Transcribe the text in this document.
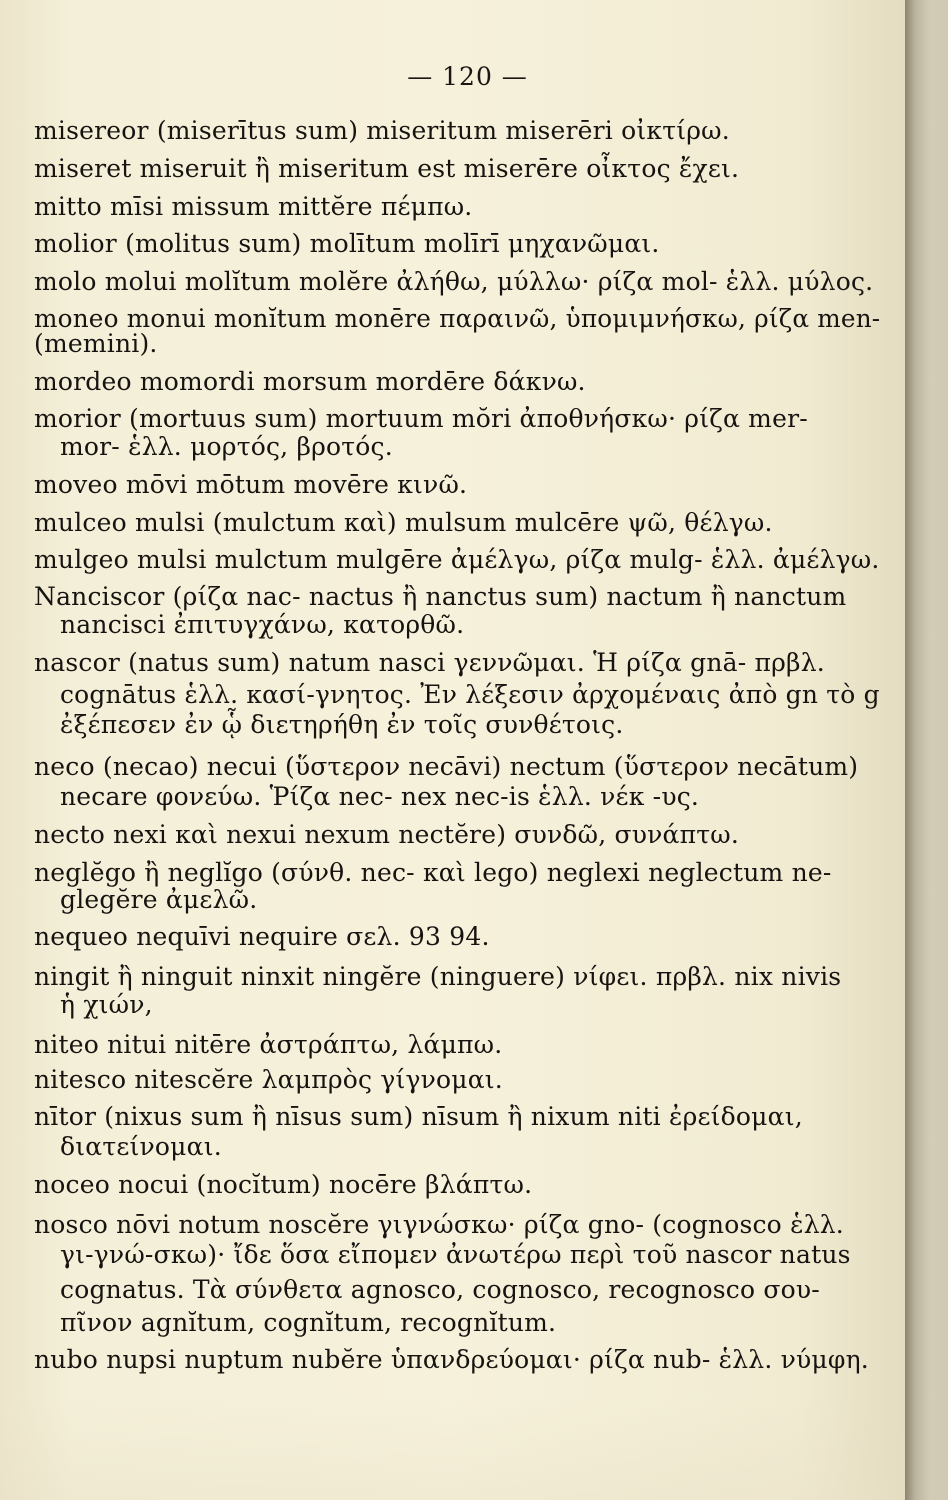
— 120 —
misereor (miserītus sum) miseritum miserēri οἰκτίρω.
miseret miseruit ἢ miseritum est miserēre οἶκτος ἔχει.
mitto mīsi missum mittĕre πέμπω.
molior (molitus sum) molītum molīrī μηχανῶμαι.
molo molui molĭtum molĕre ἀλήθω, μύλλω· ρίζα mol- ἑλλ. μύλος.
moneo monui monĭtum monēre παραινῶ, ὑπομιμνήσκω, ρίζα men-
(memini).
mordeo momordi morsum mordēre δάκνω.
morior (mortuus sum) mortuum mŏri ἀποθνήσκω· ρίζα mer-
mor- ἑλλ. μορτός, βροτός.
moveo mōvi mōtum movēre κινῶ.
mulceo mulsi (mulctum καὶ) mulsum mulcēre ψῶ, θέλγω.
mulgeo mulsi mulctum mulgēre ἀμέλγω, ρίζα mulg- ἑλλ. ἀμέλγω.
Nanciscor (ρίζα nac- nactus ἢ nanctus sum) nactum ἢ nanctum
nancisci ἐπιτυγχάνω, κατορθῶ.
nascor (natus sum) natum nasci γεννῶμαι. Ἡ ρίζα gnā- πρβλ.
cognātus ἑλλ. κασί-γνητος. Ἐν λέξεσιν ἀρχομέναις ἀπὸ gn τὸ g
ἐξέπεσεν ἐν ᾧ διετηρήθη ἐν τοῖς συνθέτοις.
neco (necao) necui (ὕστερον necāvi) nectum (ὕστερον necātum)
necare φονεύω. Ῥίζα nec- nex nec-is ἑλλ. νέκ -υς.
necto nexi καὶ nexui nexum nectĕre) συνδῶ, συνάπτω.
neglĕgo ἢ neglĭgo (σύνθ. nec- καὶ lego) neglexi neglectum ne-
glegĕre ἀμελῶ.
nequeo nequīvi nequire σελ. 93 94.
ningit ἢ ninguit ninxit ningĕre (ninguere) νίφει. πρβλ. nix nivis
ἡ χιών,
niteo nitui nitēre ἀστράπτω, λάμπω.
nitesco nitescĕre λαμπρὸς γίγνομαι.
nītor (nixus sum ἢ nīsus sum) nīsum ἢ nixum niti ἐρείδομαι,
διατείνομαι.
noceo nocui (nocĭtum) nocēre βλάπτω.
nosco nōvi notum noscĕre γιγνώσκω· ρίζα gno- (cognosco ἑλλ.
γι-γνώ-σκω)· ἴδε ὅσα εἴπομεν ἀνωτέρω περὶ τοῦ nascor natus
cognatus. Τὰ σύνθετα agnosco, cognosco, recognosco σου-
πῖνον agnĭtum, cognĭtum, recognĭtum.
nubo nupsi nuptum nubĕre ὑπανδρεύομαι· ρίζα nub- ἑλλ. νύμφη.
